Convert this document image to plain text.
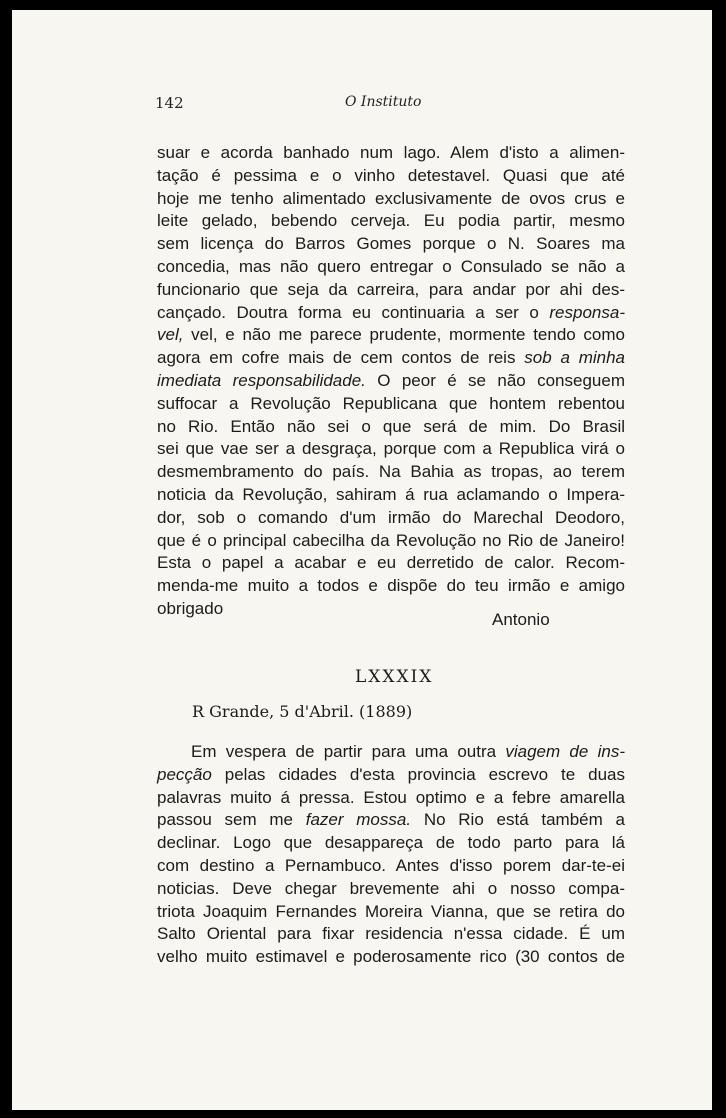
142	O Instituto
suar e acorda banhado num lago. Alem d'isto a alimen-
tação é pessima e o vinho detestavel. Quasi que até
hoje me tenho alimentado exclusivamente de ovos crus e
leite gelado, bebendo cerveja. Eu podia partir, mesmo
sem licença do Barros Gomes porque o N. Soares ma
concedia, mas não quero entregar o Consulado se não a
funcionario que seja da carreira, para andar por ahi des-
cançado. Doutra forma eu continuaria a ser o responsa-
vel, vel, e não me parece prudente, mormente tendo como
agora em cofre mais de cem contos de reis sob a minha
imediata responsabilidade. O peor é se não conseguem
suffocar a Revolução Republicana que hontem rebentou
no Rio. Então não sei o que será de mim. Do Brasil
sei que vae ser a desgraça, porque com a Republica virá o
desmembramento do país. Na Bahia as tropas, ao terem
noticia da Revolução, sahiram á rua aclamando o Impera-
dor, sob o comando d'um irmão do Marechal Deodoro,
que é o principal cabecilha da Revolução no Rio de Janeiro!
Esta o papel a acabar e eu derretido de calor. Recom-
menda-me muito a todos e dispõe do teu irmão e amigo
obrigado
Antonio
LXXXIX
R Grande, 5 d'Abril. (1889)
Em vespera de partir para uma outra viagem de ins-
pecção pelas cidades d'esta provincia escrevo te duas
palavras muito á pressa. Estou optimo e a febre amarella
passou sem me fazer mossa. No Rio está também a
declinar. Logo que desappareça de todo parto para lá
com destino a Pernambuco. Antes d'isso porem dar-te-ei
noticias. Deve chegar brevemente ahi o nosso compa-
triota Joaquim Fernandes Moreira Vianna, que se retira do
Salto Oriental para fixar residencia n'essa cidade. É um
velho muito estimavel e poderosamente rico (30 contos de
